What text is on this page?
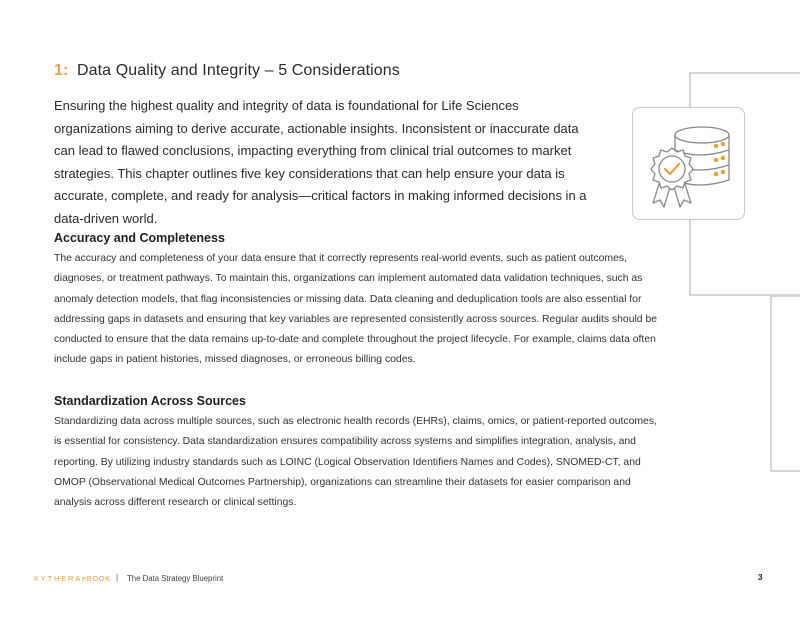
1: Data Quality and Integrity – 5 Considerations

Ensuring the highest quality and integrity of data is foundational for Life Sciences organizations aiming to derive accurate, actionable insights. Inconsistent or inaccurate data can lead to flawed conclusions, impacting everything from clinical trial outcomes to market strategies. This chapter outlines five key considerations that can help ensure your data is accurate, complete, and ready for analysis—critical factors in making informed decisions in a data-driven world.

Accuracy and Completeness

The accuracy and completeness of your data ensure that it correctly represents real-world events, such as patient outcomes, diagnoses, or treatment pathways. To maintain this, organizations can implement automated data validation techniques, such as anomaly detection models, that flag inconsistencies or missing data. Data cleaning and deduplication tools are also essential for addressing gaps in datasets and ensuring that key variables are represented consistently across sources. Regular audits should be conducted to ensure that the data remains up-to-date and complete throughout the project lifecycle. For example, claims data often include gaps in patient histories, missed diagnoses, or erroneous billing codes.

Standardization Across Sources

Standardizing data across multiple sources, such as electronic health records (EHRs), claims, omics, or patient-reported outcomes, is essential for consistency. Data standardization ensures compatibility across systems and simplifies integration, analysis, and reporting. By utilizing industry standards such as LOINC (Logical Observation Identifiers Names and Codes), SNOMED-CT, and OMOP (Observational Medical Outcomes Partnership), organizations can streamline their datasets for easier comparison and analysis across different research or clinical settings.

KYTHERA eBOOK | The Data Strategy Blueprint	3
